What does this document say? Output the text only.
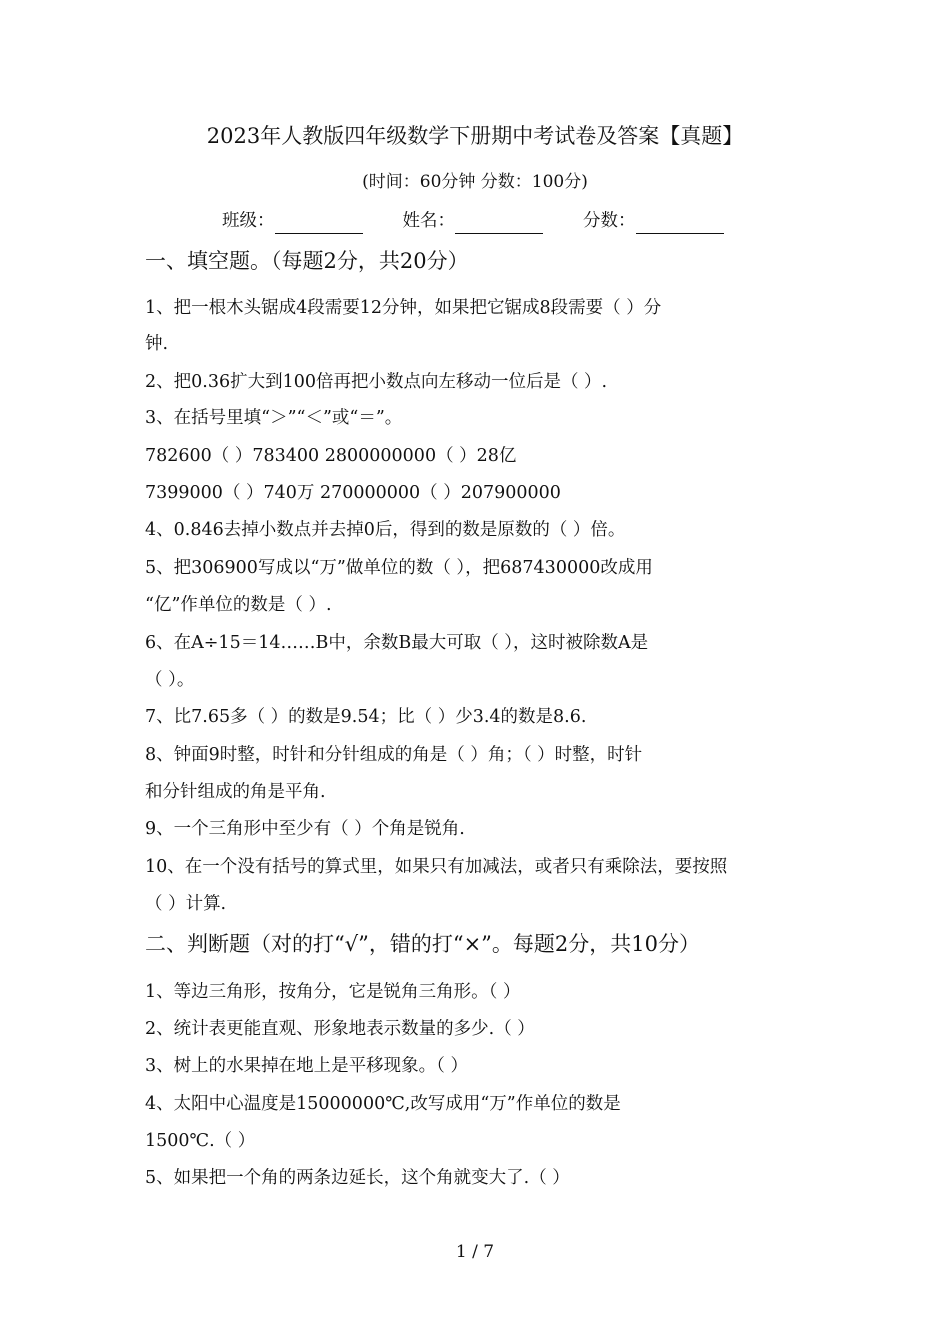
2023年人教版四年级数学下册期中考试卷及答案【真题】
(时间：60分钟 分数：100分)
班级：	姓名：	分数：
一、填空题。（每题2分，共20分）
1、把一根木头锯成4段需要12分钟，如果把它锯成8段需要（ ）分
钟.
2、把0.36扩大到100倍再把小数点向左移动一位后是（ ）.
3、在括号里填“＞”“＜”或“＝”。
782600（ ）783400 2800000000（ ）28亿
7399000（ ）740万 270000000（ ）207900000
4、0.846去掉小数点并去掉0后，得到的数是原数的（ ）倍。
5、把306900写成以“万”做单位的数（ ），把687430000改成用
“亿”作单位的数是（ ）.
6、在A÷15＝14……B中，余数B最大可取（ ），这时被除数A是
（ ）。
7、比7.65多（ ）的数是9.54；比（ ）少3.4的数是8.6.
8、钟面9时整，时针和分针组成的角是（ ）角；（ ）时整，时针
和分针组成的角是平角.
9、一个三角形中至少有（ ）个角是锐角.
10、在一个没有括号的算式里，如果只有加减法，或者只有乘除法，要按照
（ ）计算.
二、判断题（对的打“√”，错的打“×”。每题2分，共10分）
1、等边三角形，按角分，它是锐角三角形。（ ）
2、统计表更能直观、形象地表示数量的多少.（ ）
3、树上的水果掉在地上是平移现象。（ ）
4、太阳中心温度是15000000℃,改写成用“万”作单位的数是
1500℃.（ ）
5、如果把一个角的两条边延长，这个角就变大了.（ ）
1 / 7
